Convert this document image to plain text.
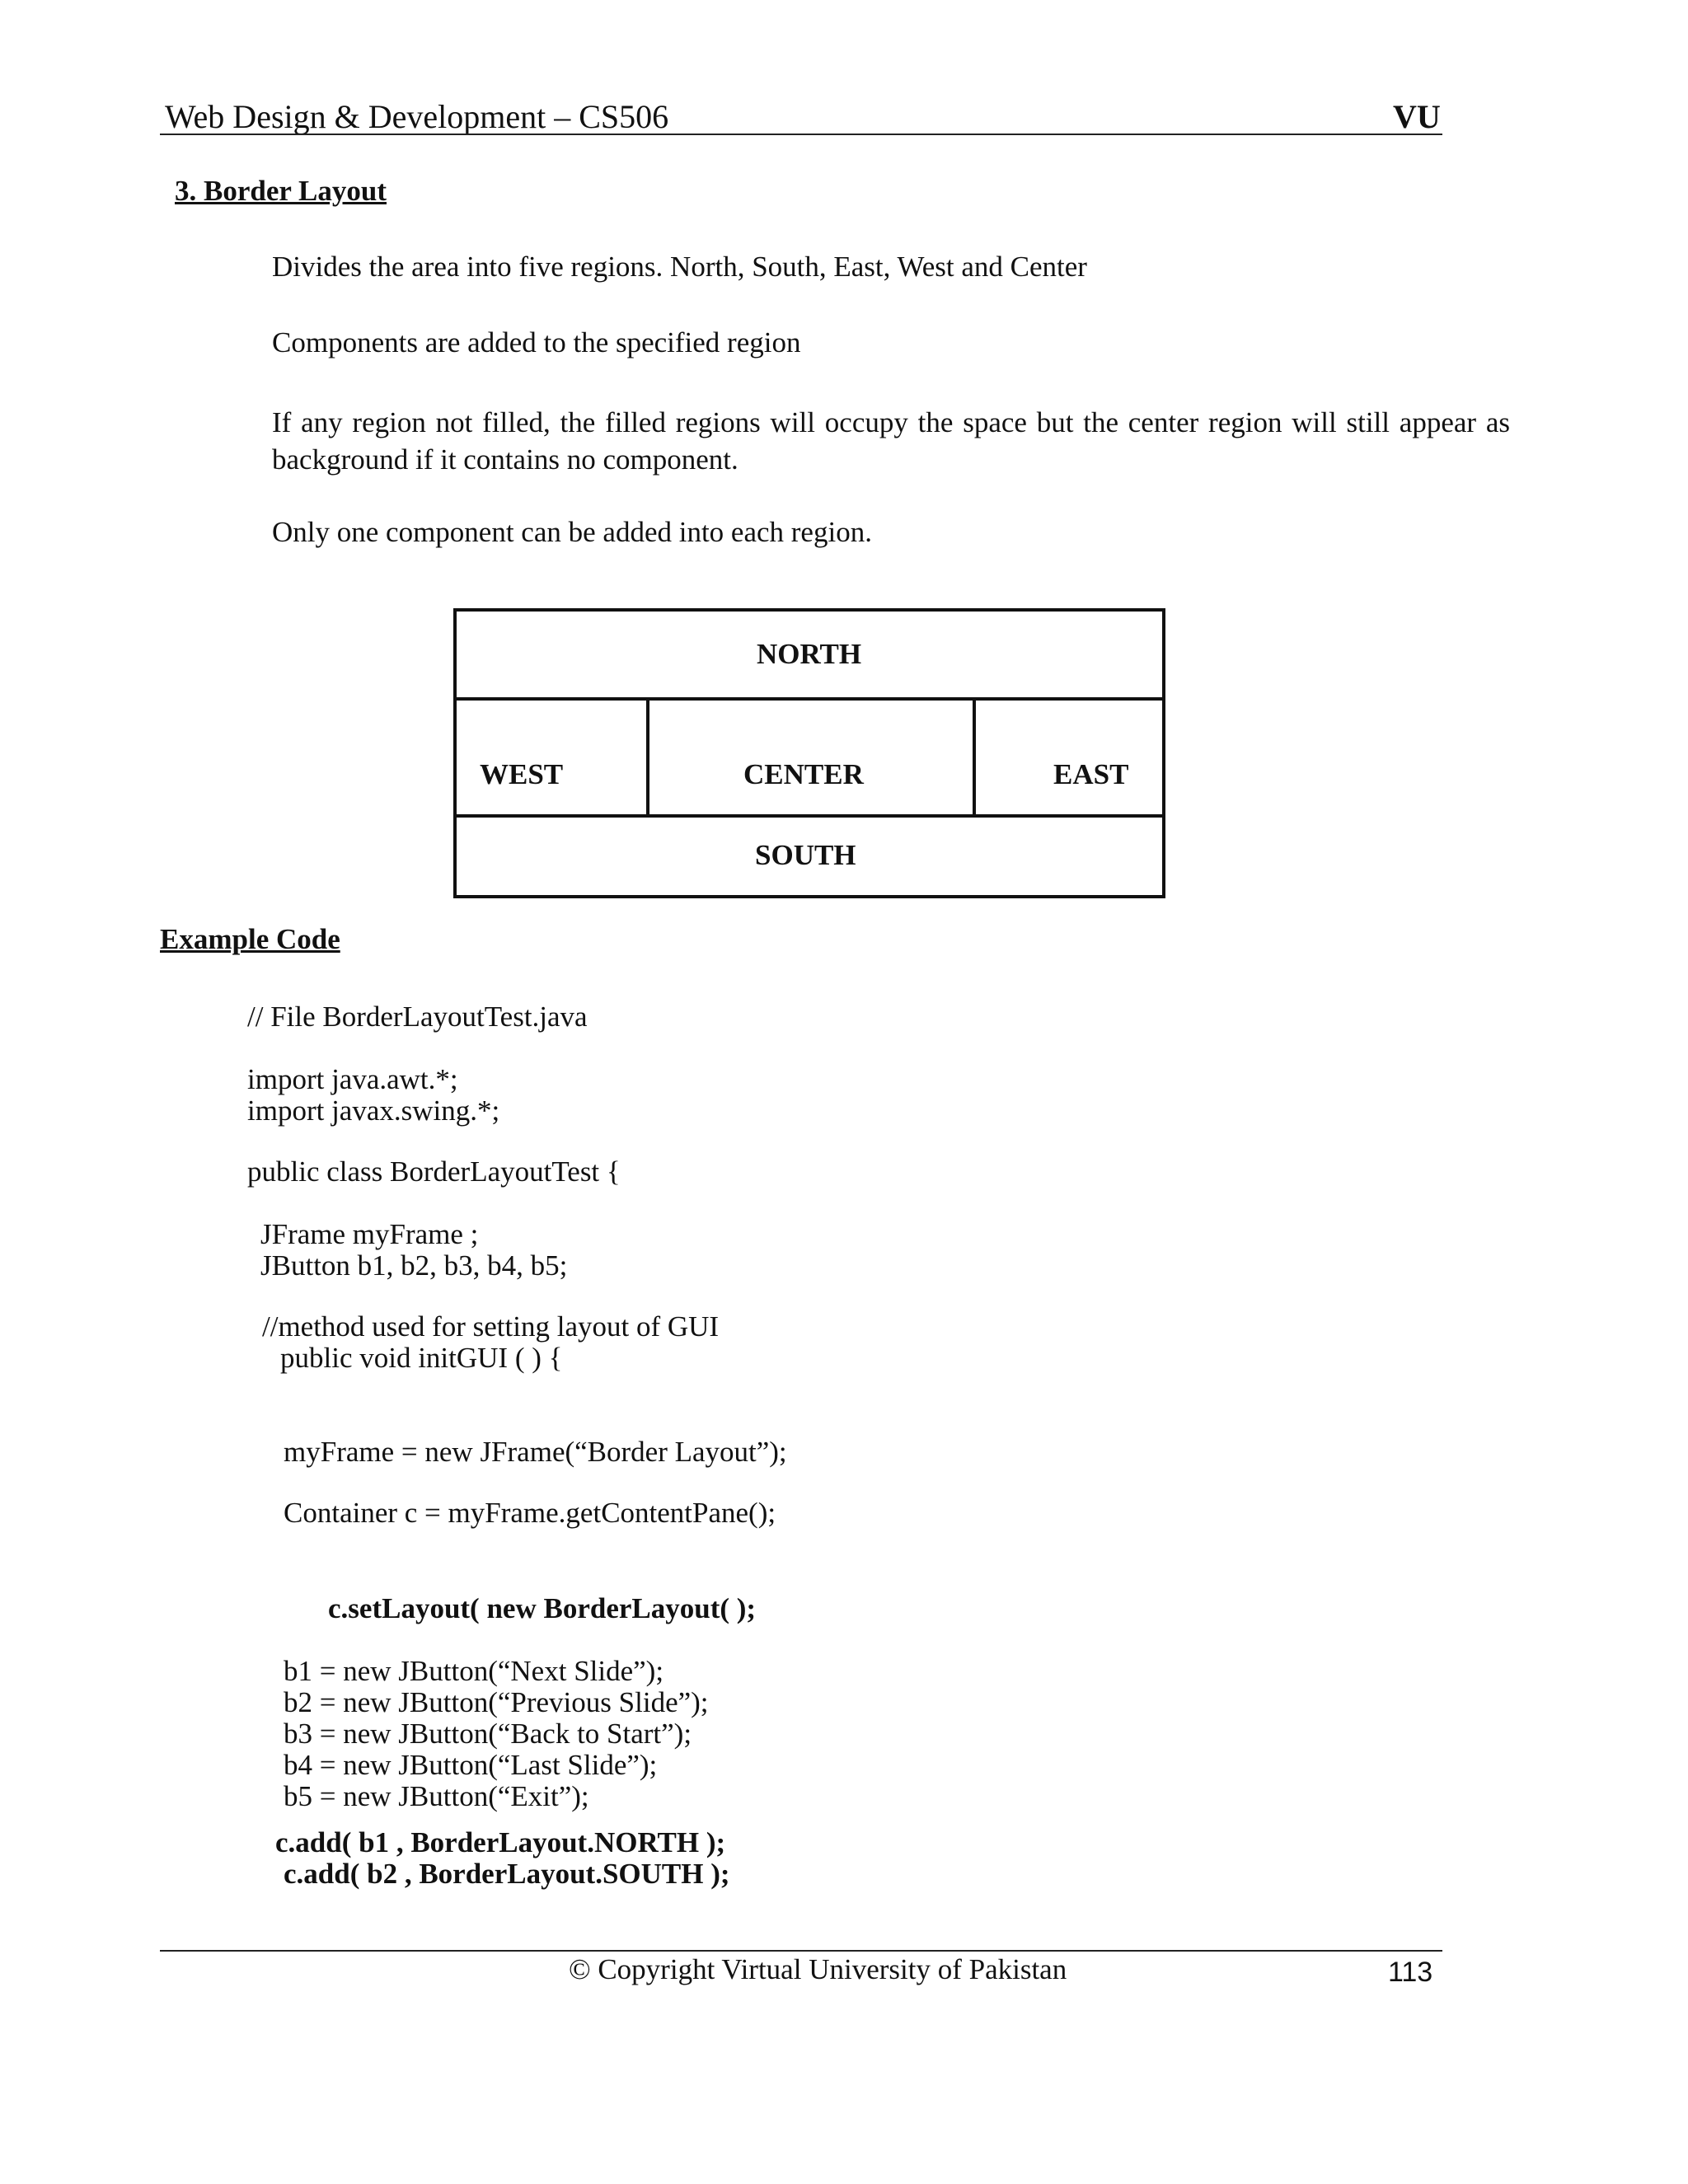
Web Design & Development – CS506	VU
3. Border Layout
Divides the area into five regions. North, South, East, West and Center
Components are added to the specified region
If any region not filled, the filled regions will occupy the space but the center region will still appear as background if it contains no component.
Only one component can be added into each region.
NORTH
WEST	CENTER	EAST
SOUTH
Example Code
// File BorderLayoutTest.java
import java.awt.*;
import javax.swing.*;
public class BorderLayoutTest {
JFrame myFrame ;
JButton b1, b2, b3, b4, b5;
//method used for setting layout of GUI
public void initGUI ( ) {
myFrame = new JFrame(“Border Layout”);
Container c = myFrame.getContentPane();
c.setLayout( new BorderLayout( );
b1 = new JButton(“Next Slide”);
b2 = new JButton(“Previous Slide”);
b3 = new JButton(“Back to Start”);
b4 = new JButton(“Last Slide”);
b5 = new JButton(“Exit”);
c.add( b1 , BorderLayout.NORTH );
c.add( b2 , BorderLayout.SOUTH );
© Copyright Virtual University of Pakistan	113
